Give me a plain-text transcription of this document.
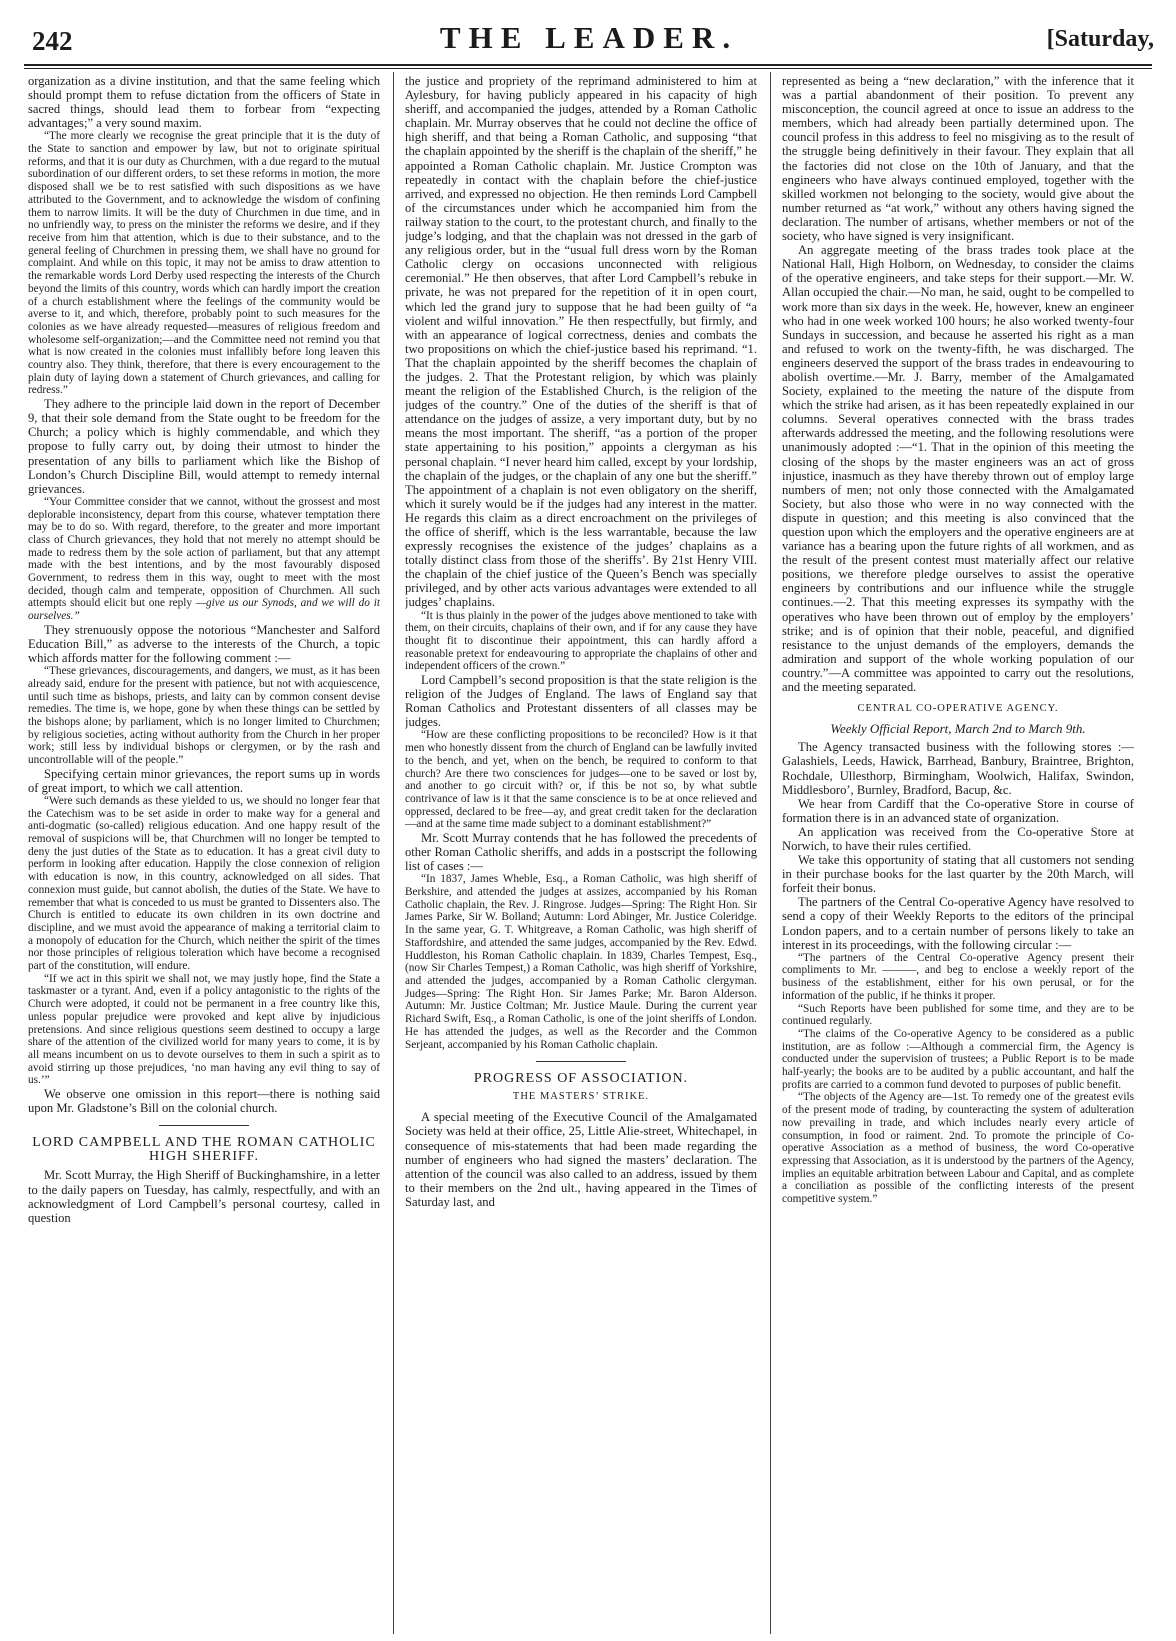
242	THE LEADER.	[Saturday,

organization as a divine institution, and that the same feeling which should prompt them to refuse dictation from the officers of State in sacred things, should lead them to forbear from “expecting advantages;” a very sound maxim.

“The more clearly we recognise the great principle that it is the duty of the State to sanction and empower by law, but not to originate spiritual reforms, and that it is our duty as Churchmen, with a due regard to the mutual subordination of our different orders, to set these reforms in motion, the more disposed shall we be to rest satisfied with such dispositions as we have attributed to the Government, and to acknowledge the wisdom of confining them to narrow limits. It will be the duty of Churchmen in due time, and in no unfriendly way, to press on the minister the reforms we desire, and if they receive from him that attention, which is due to their substance, and to the general feeling of Churchmen in pressing them, we shall have no ground for complaint. And while on this topic, it may not be amiss to draw attention to the remarkable words Lord Derby used respecting the interests of the Church beyond the limits of this country, words which can hardly import the creation of a church establishment where the feelings of the community would be averse to it, and which, therefore, probably point to such measures for the colonies as we have already requested—measures of religious freedom and wholesome self-organization;—and the Committee need not remind you that what is now created in the colonies must infallibly before long leaven this country also. They think, therefore, that there is every encouragement to the plain duty of laying down a statement of Church grievances, and calling for redress.”

They adhere to the principle laid down in the report of December 9, that their sole demand from the State ought to be freedom for the Church; a policy which is highly commendable, and which they propose to fully carry out, by doing their utmost to hinder the presentation of any bills to parliament which like the Bishop of London’s Church Discipline Bill, would attempt to remedy internal grievances.

“Your Committee consider that we cannot, without the grossest and most deplorable inconsistency, depart from this course, whatever temptation there may be to do so. With regard, therefore, to the greater and more important class of Church grievances, they hold that not merely no attempt should be made to redress them by the sole action of parliament, but that any attempt made with the best intentions, and by the most favourably disposed Government, to redress them in this way, ought to meet with the most decided, though calm and temperate, opposition of Churchmen. All such attempts should elicit but one reply —give us our Synods, and we will do it ourselves.”

They strenuously oppose the notorious “Manchester and Salford Education Bill,” as adverse to the interests of the Church, a topic which affords matter for the following comment :—

“These grievances, discouragements, and dangers, we must, as it has been already said, endure for the present with patience, but not with acquiescence, until such time as bishops, priests, and laity can by common consent devise remedies. The time is, we hope, gone by when these things can be settled by the bishops alone; by parliament, which is no longer limited to Churchmen; by religious societies, acting without authority from the Church in her proper work; still less by individual bishops or clergymen, or by the rash and uncontrollable will of the people.”

Specifying certain minor grievances, the report sums up in words of great import, to which we call attention.

“Were such demands as these yielded to us, we should no longer fear that the Catechism was to be set aside in order to make way for a general and anti-dogmatic (so-called) religious education. And one happy result of the removal of suspicions will be, that Churchmen will no longer be tempted to deny the just duties of the State as to education. It has a great civil duty to perform in looking after education. Happily the close connexion of religion with education is now, in this country, acknowledged on all sides. That connexion must guide, but cannot abolish, the duties of the State. We have to remember that what is conceded to us must be granted to Dissenters also. The Church is entitled to educate its own children in its own doctrine and discipline, and we must avoid the appearance of making a territorial claim to a monopoly of education for the Church, which neither the spirit of the times nor those principles of religious toleration which have become a recognised part of the constitution, will endure.

“If we act in this spirit we shall not, we may justly hope, find the State a taskmaster or a tyrant. And, even if a policy antagonistic to the rights of the Church were adopted, it could not be permanent in a free country like this, unless popular prejudice were provoked and kept alive by injudicious pretensions. And since religious questions seem destined to occupy a large share of the attention of the civilized world for many years to come, it is by all means incumbent on us to devote ourselves to them in such a spirit as to avoid stirring up those prejudices, ‘no man having any evil thing to say of us.’”

We observe one omission in this report—there is nothing said upon Mr. Gladstone’s Bill on the colonial church.

LORD CAMPBELL AND THE ROMAN CATHOLIC HIGH SHERIFF.

Mr. Scott Murray, the High Sheriff of Buckinghamshire, in a letter to the daily papers on Tuesday, has calmly, respectfully, and with an acknowledgment of Lord Campbell’s personal courtesy, called in question

the justice and propriety of the reprimand administered to him at Aylesbury, for having publicly appeared in his capacity of high sheriff, and accompanied the judges, attended by a Roman Catholic chaplain. Mr. Murray observes that he could not decline the office of high sheriff, and that being a Roman Catholic, and supposing “that the chaplain appointed by the sheriff is the chaplain of the sheriff,” he appointed a Roman Catholic chaplain. Mr. Justice Crompton was repeatedly in contact with the chaplain before the chief-justice arrived, and expressed no objection. He then reminds Lord Campbell of the circumstances under which he accompanied him from the railway station to the court, to the protestant church, and finally to the judge’s lodging, and that the chaplain was not dressed in the garb of any religious order, but in the “usual full dress worn by the Roman Catholic clergy on occasions unconnected with religious ceremonial.” He then observes, that after Lord Campbell’s rebuke in private, he was not prepared for the repetition of it in open court, which led the grand jury to suppose that he had been guilty of “a violent and wilful innovation.” He then respectfully, but firmly, and with an appearance of logical correctness, denies and combats the two propositions on which the chief-justice based his reprimand. “1. That the chaplain appointed by the sheriff becomes the chaplain of the judges. 2. That the Protestant religion, by which was plainly meant the religion of the Established Church, is the religion of the judges of the country.” One of the duties of the sheriff is that of attendance on the judges of assize, a very important duty, but by no means the most important. The sheriff, “as a portion of the proper state appertaining to his position,” appoints a clergyman as his personal chaplain. “I never heard him called, except by your lordship, the chaplain of the judges, or the chaplain of any one but the sheriff.” The appointment of a chaplain is not even obligatory on the sheriff, which it surely would be if the judges had any interest in the matter. He regards this claim as a direct encroachment on the privileges of the office of sheriff, which is the less warrantable, because the law expressly recognises the existence of the judges’ chaplains as a totally distinct class from those of the sheriffs’. By 21st Henry VIII. the chaplain of the chief justice of the Queen’s Bench was specially privileged, and by other acts various advantages were extended to all judges’ chaplains.

“It is thus plainly in the power of the judges above mentioned to take with them, on their circuits, chaplains of their own, and if for any cause they have thought fit to discontinue their appointment, this can hardly afford a reasonable pretext for endeavouring to appropriate the chaplains of other and independent officers of the crown.”

Lord Campbell’s second proposition is that the state religion is the religion of the Judges of England. The laws of England say that Roman Catholics and Protestant dissenters of all classes may be judges.

“How are these conflicting propositions to be reconciled? How is it that men who honestly dissent from the church of England can be lawfully invited to the bench, and yet, when on the bench, be required to conform to that church? Are there two consciences for judges—one to be saved or lost by, and another to go circuit with? or, if this be not so, by what subtle contrivance of law is it that the same conscience is to be at once relieved and oppressed, declared to be free—ay, and great credit taken for the declaration—and at the same time made subject to a dominant establishment?”

Mr. Scott Murray contends that he has followed the precedents of other Roman Catholic sheriffs, and adds in a postscript the following list of cases :—

“In 1837, James Wheble, Esq., a Roman Catholic, was high sheriff of Berkshire, and attended the judges at assizes, accompanied by his Roman Catholic chaplain, the Rev. J. Ringrose. Judges—Spring: The Right Hon. Sir James Parke, Sir W. Bolland; Autumn: Lord Abinger, Mr. Justice Coleridge. In the same year, G. T. Whitgreave, a Roman Catholic, was high sheriff of Staffordshire, and attended the same judges, accompanied by the Rev. Edwd. Huddleston, his Roman Catholic chaplain. In 1839, Charles Tempest, Esq., (now Sir Charles Tempest,) a Roman Catholic, was high sheriff of Yorkshire, and attended the judges, accompanied by a Roman Catholic clergyman. Judges—Spring: The Right Hon. Sir James Parke; Mr. Baron Alderson. Autumn: Mr. Justice Coltman; Mr. Justice Maule. During the current year Richard Swift, Esq., a Roman Catholic, is one of the joint sheriffs of London. He has attended the judges, as well as the Recorder and the Common Serjeant, accompanied by his Roman Catholic chaplain.

PROGRESS OF ASSOCIATION.

THE MASTERS’ STRIKE.

A special meeting of the Executive Council of the Amalgamated Society was held at their office, 25, Little Alie-street, Whitechapel, in consequence of mis-statements that had been made regarding the number of engineers who had signed the masters’ declaration. The attention of the council was also called to an address, issued by them to their members on the 2nd ult., having appeared in the Times of Saturday last, and

represented as being a “new declaration,” with the inference that it was a partial abandonment of their position. To prevent any misconception, the council agreed at once to issue an address to the members, which had already been partially determined upon. The council profess in this address to feel no misgiving as to the result of the struggle being definitively in their favour. They explain that all the factories did not close on the 10th of January, and that the engineers who have always continued employed, together with the skilled workmen not belonging to the society, would give about the number returned as “at work,” without any others having signed the declaration. The number of artisans, whether members or not of the society, who have signed is very insignificant.

An aggregate meeting of the brass trades took place at the National Hall, High Holborn, on Wednesday, to consider the claims of the operative engineers, and take steps for their support.—Mr. W. Allan occupied the chair.—No man, he said, ought to be compelled to work more than six days in the week. He, however, knew an engineer who had in one week worked 100 hours; he also worked twenty-four Sundays in succession, and because he asserted his right as a man and refused to work on the twenty-fifth, he was discharged. The engineers deserved the support of the brass trades in endeavouring to abolish overtime.—Mr. J. Barry, member of the Amalgamated Society, explained to the meeting the nature of the dispute from which the strike had arisen, as it has been repeatedly explained in our columns. Several operatives connected with the brass trades afterwards addressed the meeting, and the following resolutions were unanimously adopted :—“1. That in the opinion of this meeting the closing of the shops by the master engineers was an act of gross injustice, inasmuch as they have thereby thrown out of employ large numbers of men; not only those connected with the Amalgamated Society, but also those who were in no way connected with the dispute in question; and this meeting is also convinced that the question upon which the employers and the operative engineers are at variance has a bearing upon the future rights of all workmen, and as the result of the present contest must materially affect our relative positions, we therefore pledge ourselves to assist the operative engineers by contributions and our influence while the struggle continues.—2. That this meeting expresses its sympathy with the operatives who have been thrown out of employ by the employers’ strike; and is of opinion that their noble, peaceful, and dignified resistance to the unjust demands of the employers, demands the admiration and support of the whole working population of our country.”—A committee was appointed to carry out the resolutions, and the meeting separated.

CENTRAL CO-OPERATIVE AGENCY.

Weekly Official Report, March 2nd to March 9th.

The Agency transacted business with the following stores :—Galashiels, Leeds, Hawick, Barrhead, Banbury, Braintree, Brighton, Rochdale, Ullesthorp, Birmingham, Woolwich, Halifax, Swindon, Middlesboro’, Burnley, Bradford, Bacup, &c.

We hear from Cardiff that the Co-operative Store in course of formation there is in an advanced state of organization.

An application was received from the Co-operative Store at Norwich, to have their rules certified.

We take this opportunity of stating that all customers not sending in their purchase books for the last quarter by the 20th March, will forfeit their bonus.

The partners of the Central Co-operative Agency have resolved to send a copy of their Weekly Reports to the editors of the principal London papers, and to a certain number of persons likely to take an interest in its proceedings, with the following circular :—

“The partners of the Central Co-operative Agency present their compliments to Mr. ———, and beg to enclose a weekly report of the business of the establishment, either for his own perusal, or for the information of the public, if he thinks it proper.

“Such Reports have been published for some time, and they are to be continued regularly.

“The claims of the Co-operative Agency to be considered as a public institution, are as follow :—Although a commercial firm, the Agency is conducted under the supervision of trustees; a Public Report is to be made half-yearly; the books are to be audited by a public accountant, and half the profits are carried to a common fund devoted to purposes of public benefit.

“The objects of the Agency are—1st. To remedy one of the greatest evils of the present mode of trading, by counteracting the system of adulteration now prevailing in trade, and which includes nearly every article of consumption, in food or raiment. 2nd. To promote the principle of Co-operative Association as a method of business, the word Co-operative expressing that Association, as it is understood by the partners of the Agency, implies an equitable arbitration between Labour and Capital, and as complete a conciliation as possible of the conflicting interests of the present competitive system.”
